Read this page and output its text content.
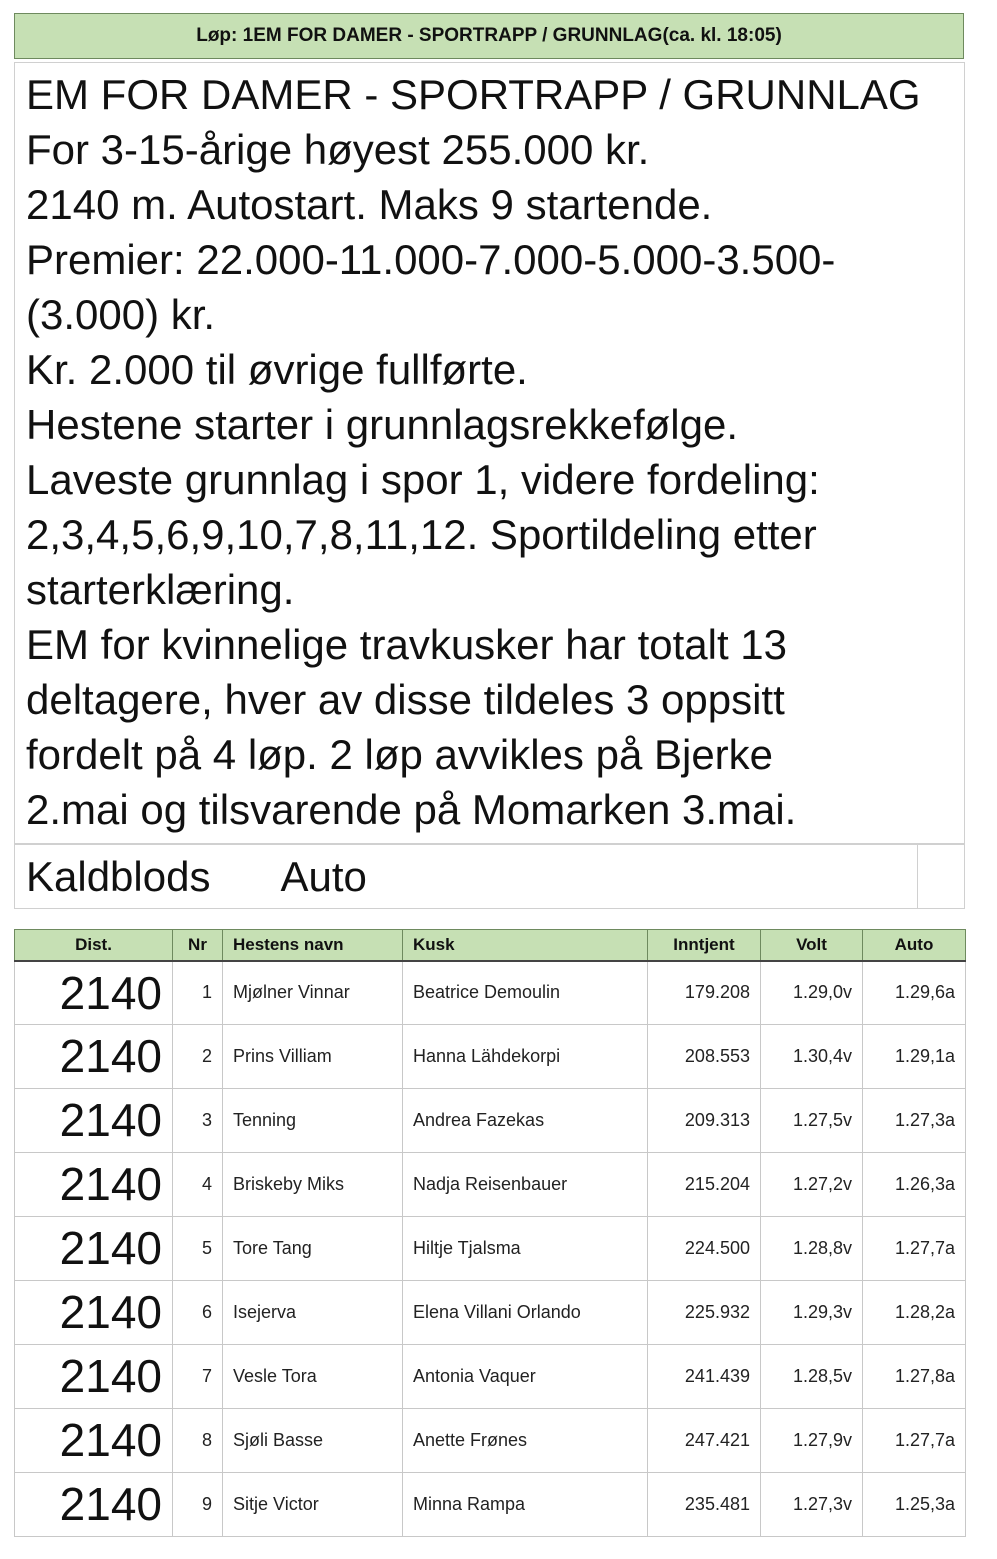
Løp: 1 EM FOR DAMER - SPORTRAPP / GRUNNLAG (ca. kl. 18:05)
EM FOR DAMER - SPORTRAPP / GRUNNLAG
For 3-15-årige høyest 255.000 kr.
2140 m. Autostart. Maks 9 startende.
Premier: 22.000-11.000-7.000-5.000-3.500-
(3.000) kr.
Kr. 2.000 til øvrige fullførte.
Hestene starter i grunnlagsrekkefølge.
Laveste grunnlag i spor 1, videre fordeling:
2,3,4,5,6,9,10,7,8,11,12. Sportildeling etter
starterklæring.
EM for kvinnelige travkusker har totalt 13
deltagere, hver av disse tildeles 3 oppsitt
fordelt på 4 løp. 2 løp avvikles på Bjerke
2.mai og tilsvarende på Momarken 3.mai.
Kaldblods Auto
Dist.	Nr	Hestens navn	Kusk	Inntjent	Volt	Auto
2140	1	Mjølner Vinnar	Beatrice Demoulin	179.208	1.29,0v	1.29,6a
2140	2	Prins Villiam	Hanna Lähdekorpi	208.553	1.30,4v	1.29,1a
2140	3	Tenning	Andrea Fazekas	209.313	1.27,5v	1.27,3a
2140	4	Briskeby Miks	Nadja Reisenbauer	215.204	1.27,2v	1.26,3a
2140	5	Tore Tang	Hiltje Tjalsma	224.500	1.28,8v	1.27,7a
2140	6	Isejerva	Elena Villani Orlando	225.932	1.29,3v	1.28,2a
2140	7	Vesle Tora	Antonia Vaquer	241.439	1.28,5v	1.27,8a
2140	8	Sjøli Basse	Anette Frønes	247.421	1.27,9v	1.27,7a
2140	9	Sitje Victor	Minna Rampa	235.481	1.27,3v	1.25,3a
